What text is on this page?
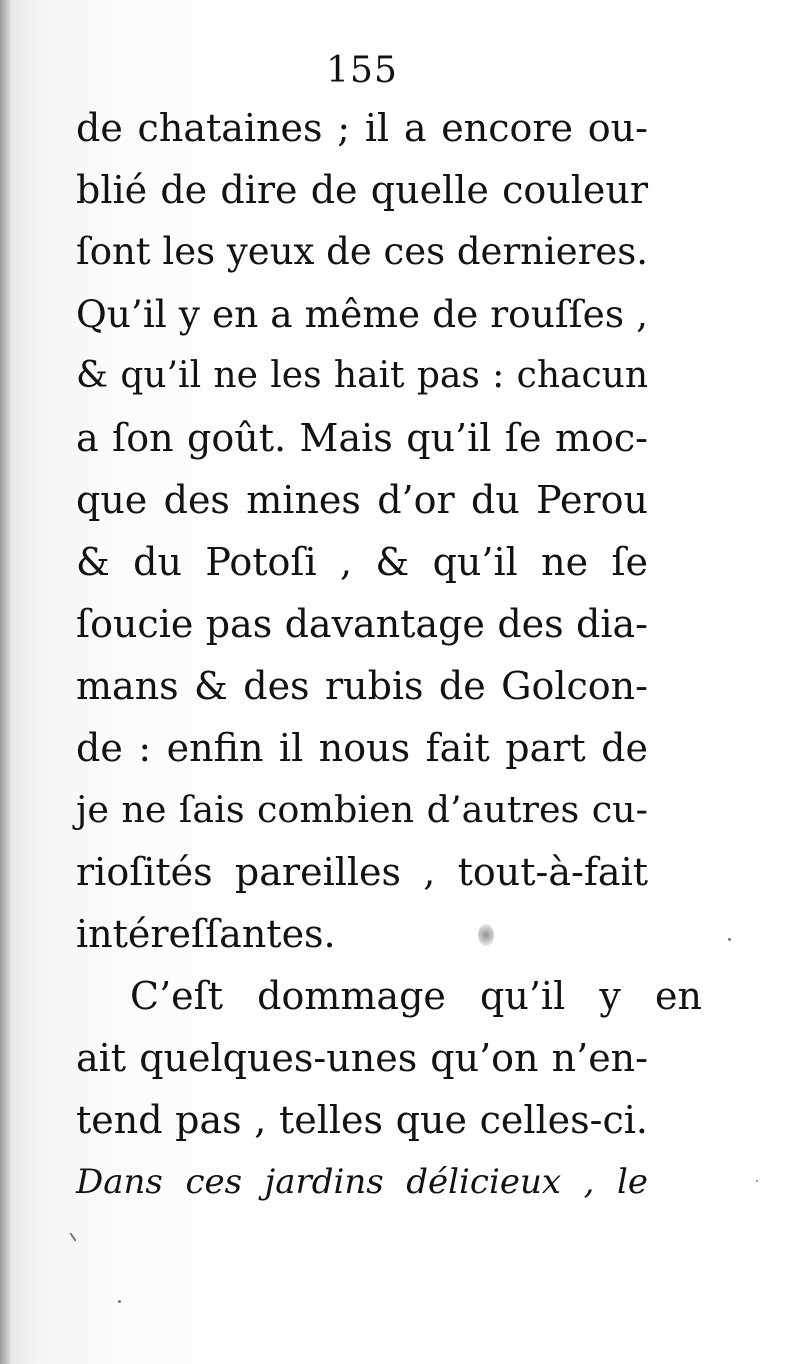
155
de chataines ; il a encore ou-
blié de dire de quelle couleur
ſont les yeux de ces dernieres.
Qu’il y en a même de rouſſes ,
& qu’il ne les hait pas : chacun
a ſon goût. Mais qu’il ſe moc-
que des mines d’or du Perou
& du Potoſi , & qu’il ne ſe
ſoucie pas davantage des dia-
mans & des rubis de Golcon-
de : enfin il nous fait part de
je ne ſais combien d’autres cu-
rioſités pareilles , tout-à-fait
intéreſſantes.
C’eſt dommage qu’il y en
ait quelques-unes qu’on n’en-
tend pas , telles que celles-ci.
Dans ces jardins délicieux , le
